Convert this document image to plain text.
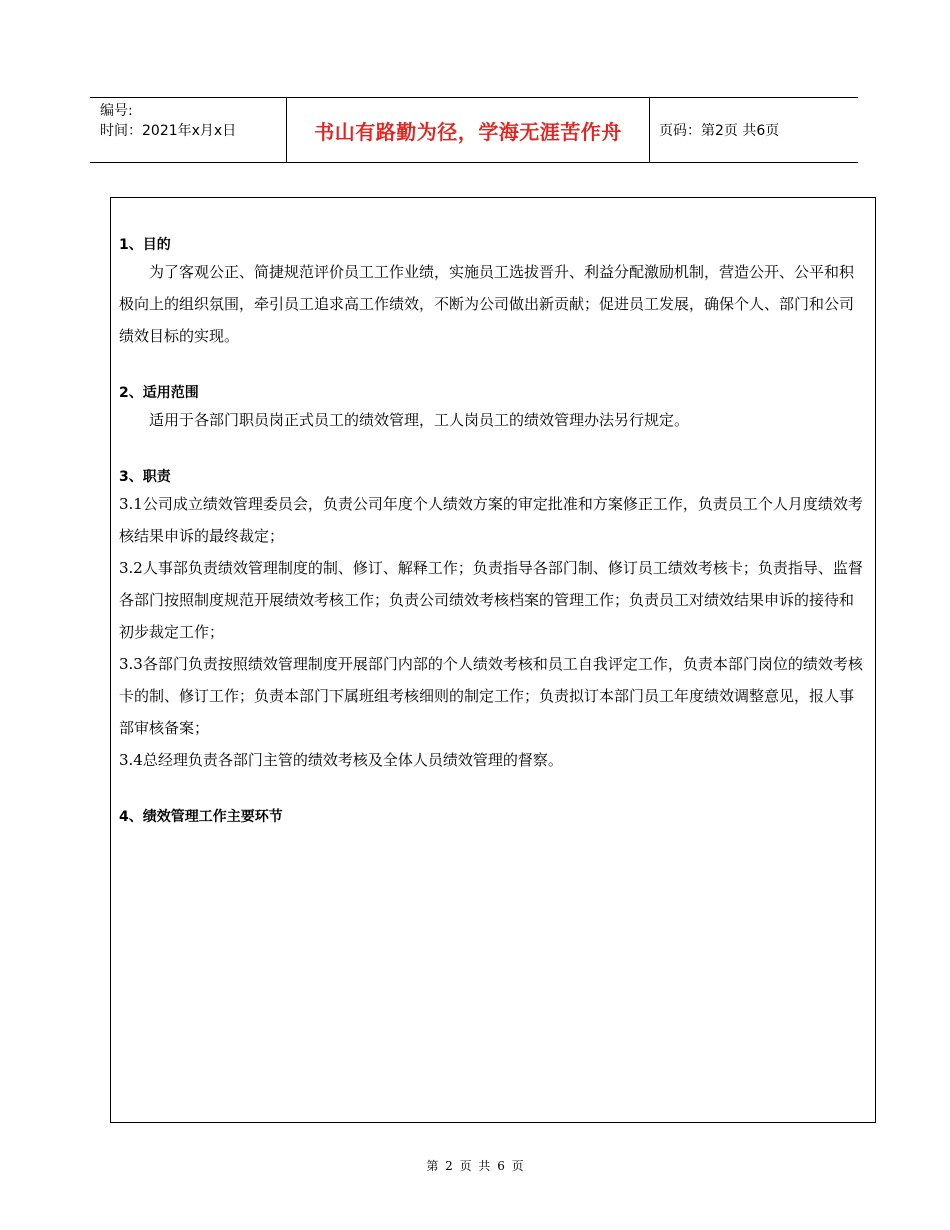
编号:
时间：2021年x月x日	书山有路勤为径，学海无涯苦作舟	页码：第2页 共6页
1、目的

为了客观公正、简捷规范评价员工工作业绩，实施员工选拔晋升、利益分配激励机制，营造公开、公平和积极向上的组织氛围，牵引员工追求高工作绩效，不断为公司做出新贡献；促进员工发展，确保个人、部门和公司绩效目标的实现。

2、适用范围

适用于各部门职员岗正式员工的绩效管理，工人岗员工的绩效管理办法另行规定。

3、职责

3.1公司成立绩效管理委员会，负责公司年度个人绩效方案的审定批准和方案修正工作，负责员工个人月度绩效考核结果申诉的最终裁定；

3.2人事部负责绩效管理制度的制、修订、解释工作；负责指导各部门制、修订员工绩效考核卡；负责指导、监督各部门按照制度规范开展绩效考核工作；负责公司绩效考核档案的管理工作；负责员工对绩效结果申诉的接待和初步裁定工作；

3.3各部门负责按照绩效管理制度开展部门内部的个人绩效考核和员工自我评定工作，负责本部门岗位的绩效考核卡的制、修订工作；负责本部门下属班组考核细则的制定工作；负责拟订本部门员工年度绩效调整意见，报人事部审核备案；

3.4总经理负责各部门主管的绩效考核及全体人员绩效管理的督察。

4、绩效管理工作主要环节
第 2 页 共 6 页
